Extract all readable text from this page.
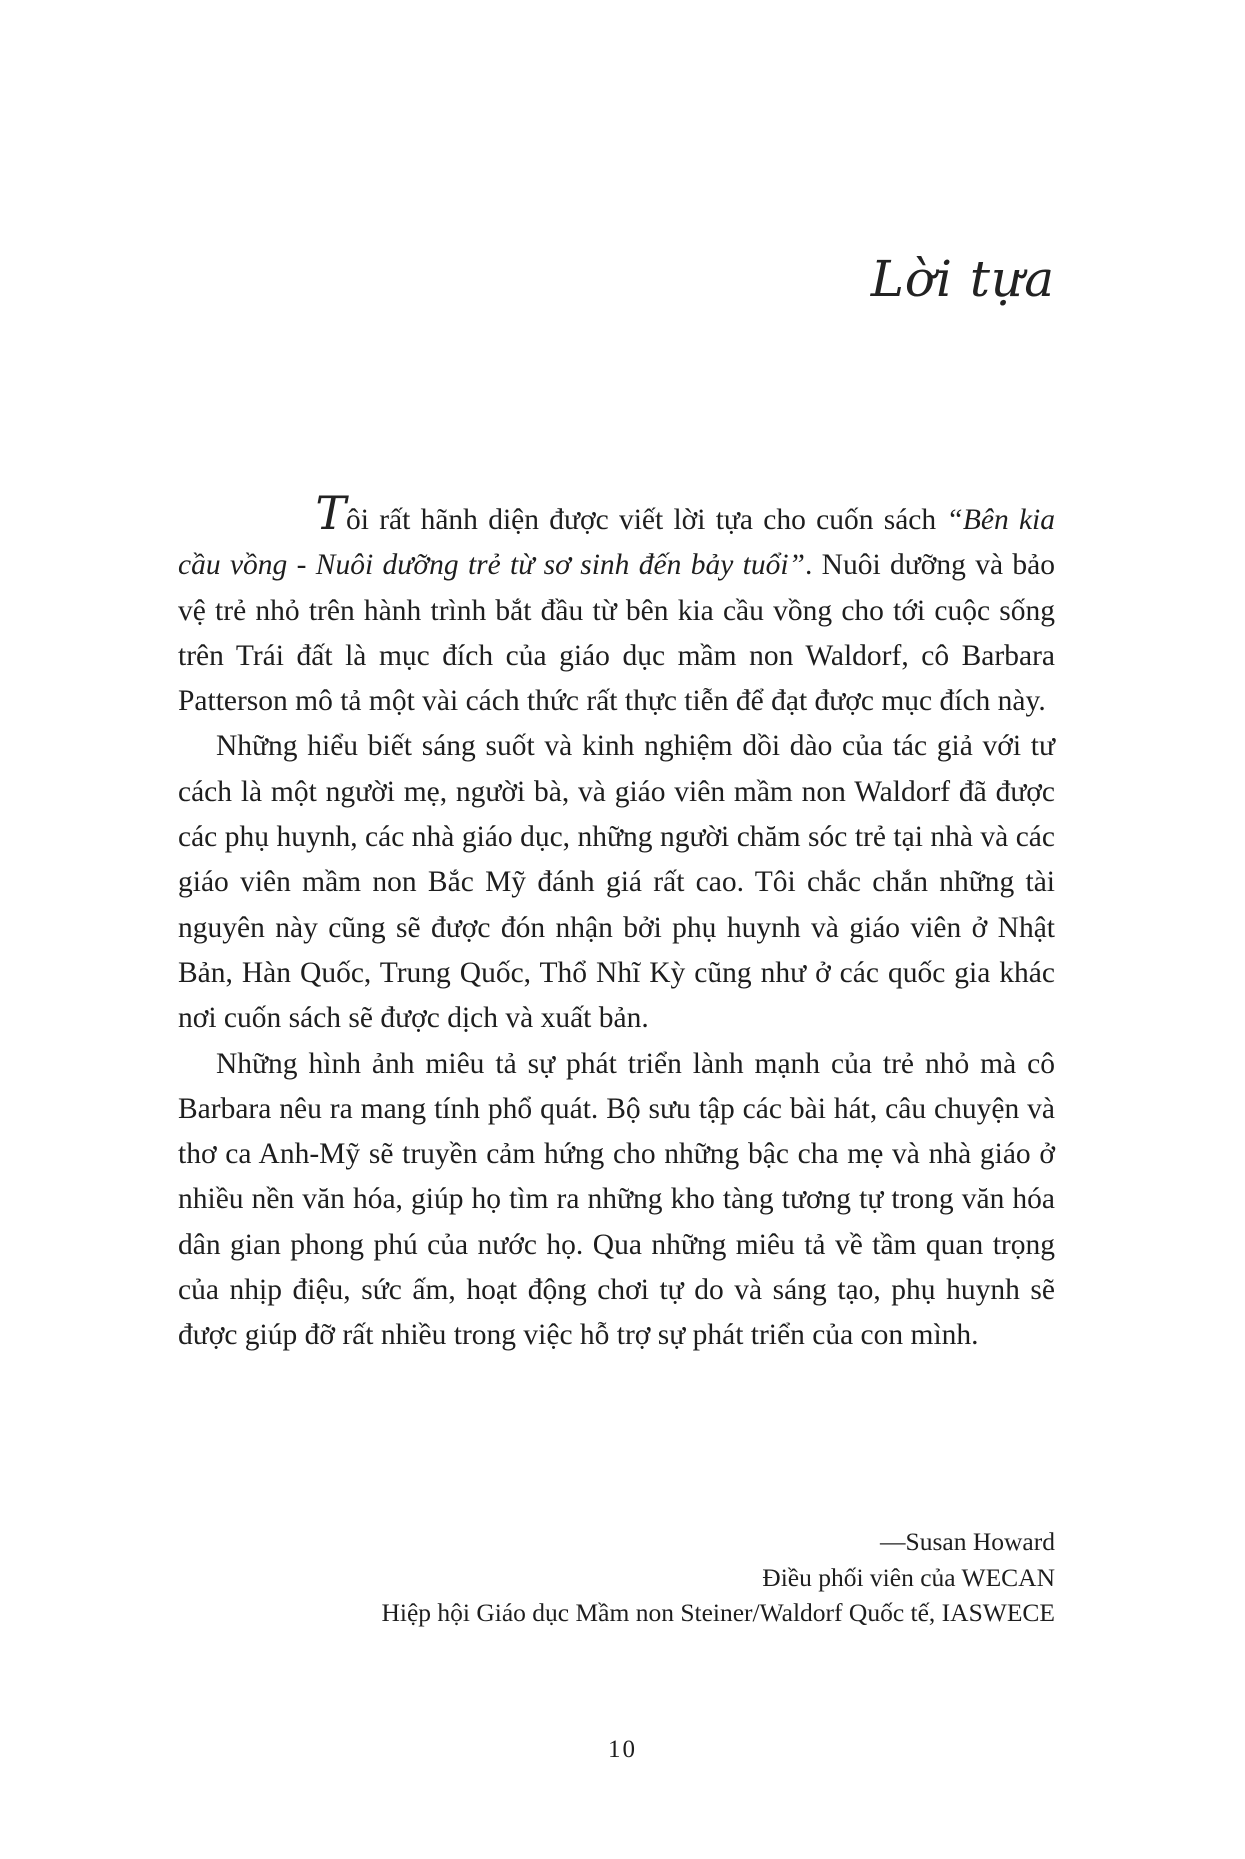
Lời tựa

Tôi rất hãnh diện được viết lời tựa cho cuốn sách “Bên kia cầu vồng - Nuôi dưỡng trẻ từ sơ sinh đến bảy tuổi”. Nuôi dưỡng và bảo vệ trẻ nhỏ trên hành trình bắt đầu từ bên kia cầu vồng cho tới cuộc sống trên Trái đất là mục đích của giáo dục mầm non Waldorf, cô Barbara Patterson mô tả một vài cách thức rất thực tiễn để đạt được mục đích này.

Những hiểu biết sáng suốt và kinh nghiệm dồi dào của tác giả với tư cách là một người mẹ, người bà, và giáo viên mầm non Waldorf đã được các phụ huynh, các nhà giáo dục, những người chăm sóc trẻ tại nhà và các giáo viên mầm non Bắc Mỹ đánh giá rất cao. Tôi chắc chắn những tài nguyên này cũng sẽ được đón nhận bởi phụ huynh và giáo viên ở Nhật Bản, Hàn Quốc, Trung Quốc, Thổ Nhĩ Kỳ cũng như ở các quốc gia khác nơi cuốn sách sẽ được dịch và xuất bản.

Những hình ảnh miêu tả sự phát triển lành mạnh của trẻ nhỏ mà cô Barbara nêu ra mang tính phổ quát. Bộ sưu tập các bài hát, câu chuyện và thơ ca Anh-Mỹ sẽ truyền cảm hứng cho những bậc cha mẹ và nhà giáo ở nhiều nền văn hóa, giúp họ tìm ra những kho tàng tương tự trong văn hóa dân gian phong phú của nước họ. Qua những miêu tả về tầm quan trọng của nhịp điệu, sức ấm, hoạt động chơi tự do và sáng tạo, phụ huynh sẽ được giúp đỡ rất nhiều trong việc hỗ trợ sự phát triển của con mình.

—Susan Howard
Điều phối viên của WECAN
Hiệp hội Giáo dục Mầm non Steiner/Waldorf Quốc tế, IASWECE
10
